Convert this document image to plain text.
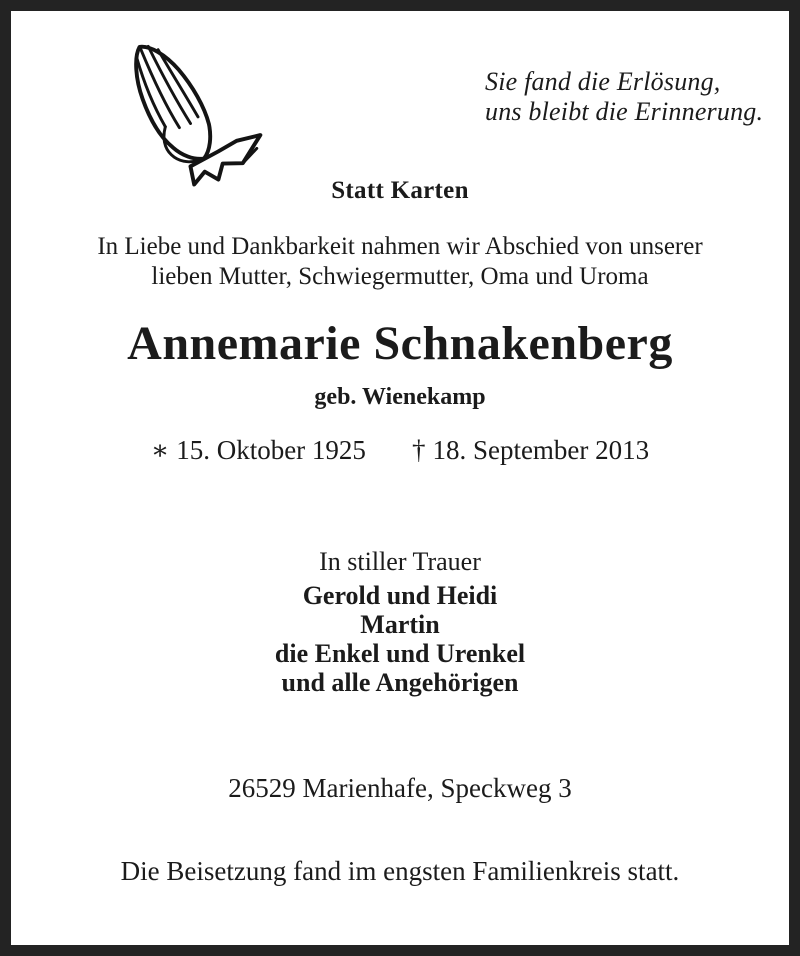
Sie fand die Erlösung,
uns bleibt die Erinnerung.
Statt Karten
In Liebe und Dankbarkeit nahmen wir Abschied von unserer
lieben Mutter, Schwiegermutter, Oma und Uroma
Annemarie Schnakenberg
geb. Wienekamp
∗ 15. Oktober 1925 † 18. September 2013
In stiller Trauer
Gerold und Heidi
Martin
die Enkel und Urenkel
und alle Angehörigen
26529 Marienhafe, Speckweg 3
Die Beisetzung fand im engsten Familienkreis statt.
